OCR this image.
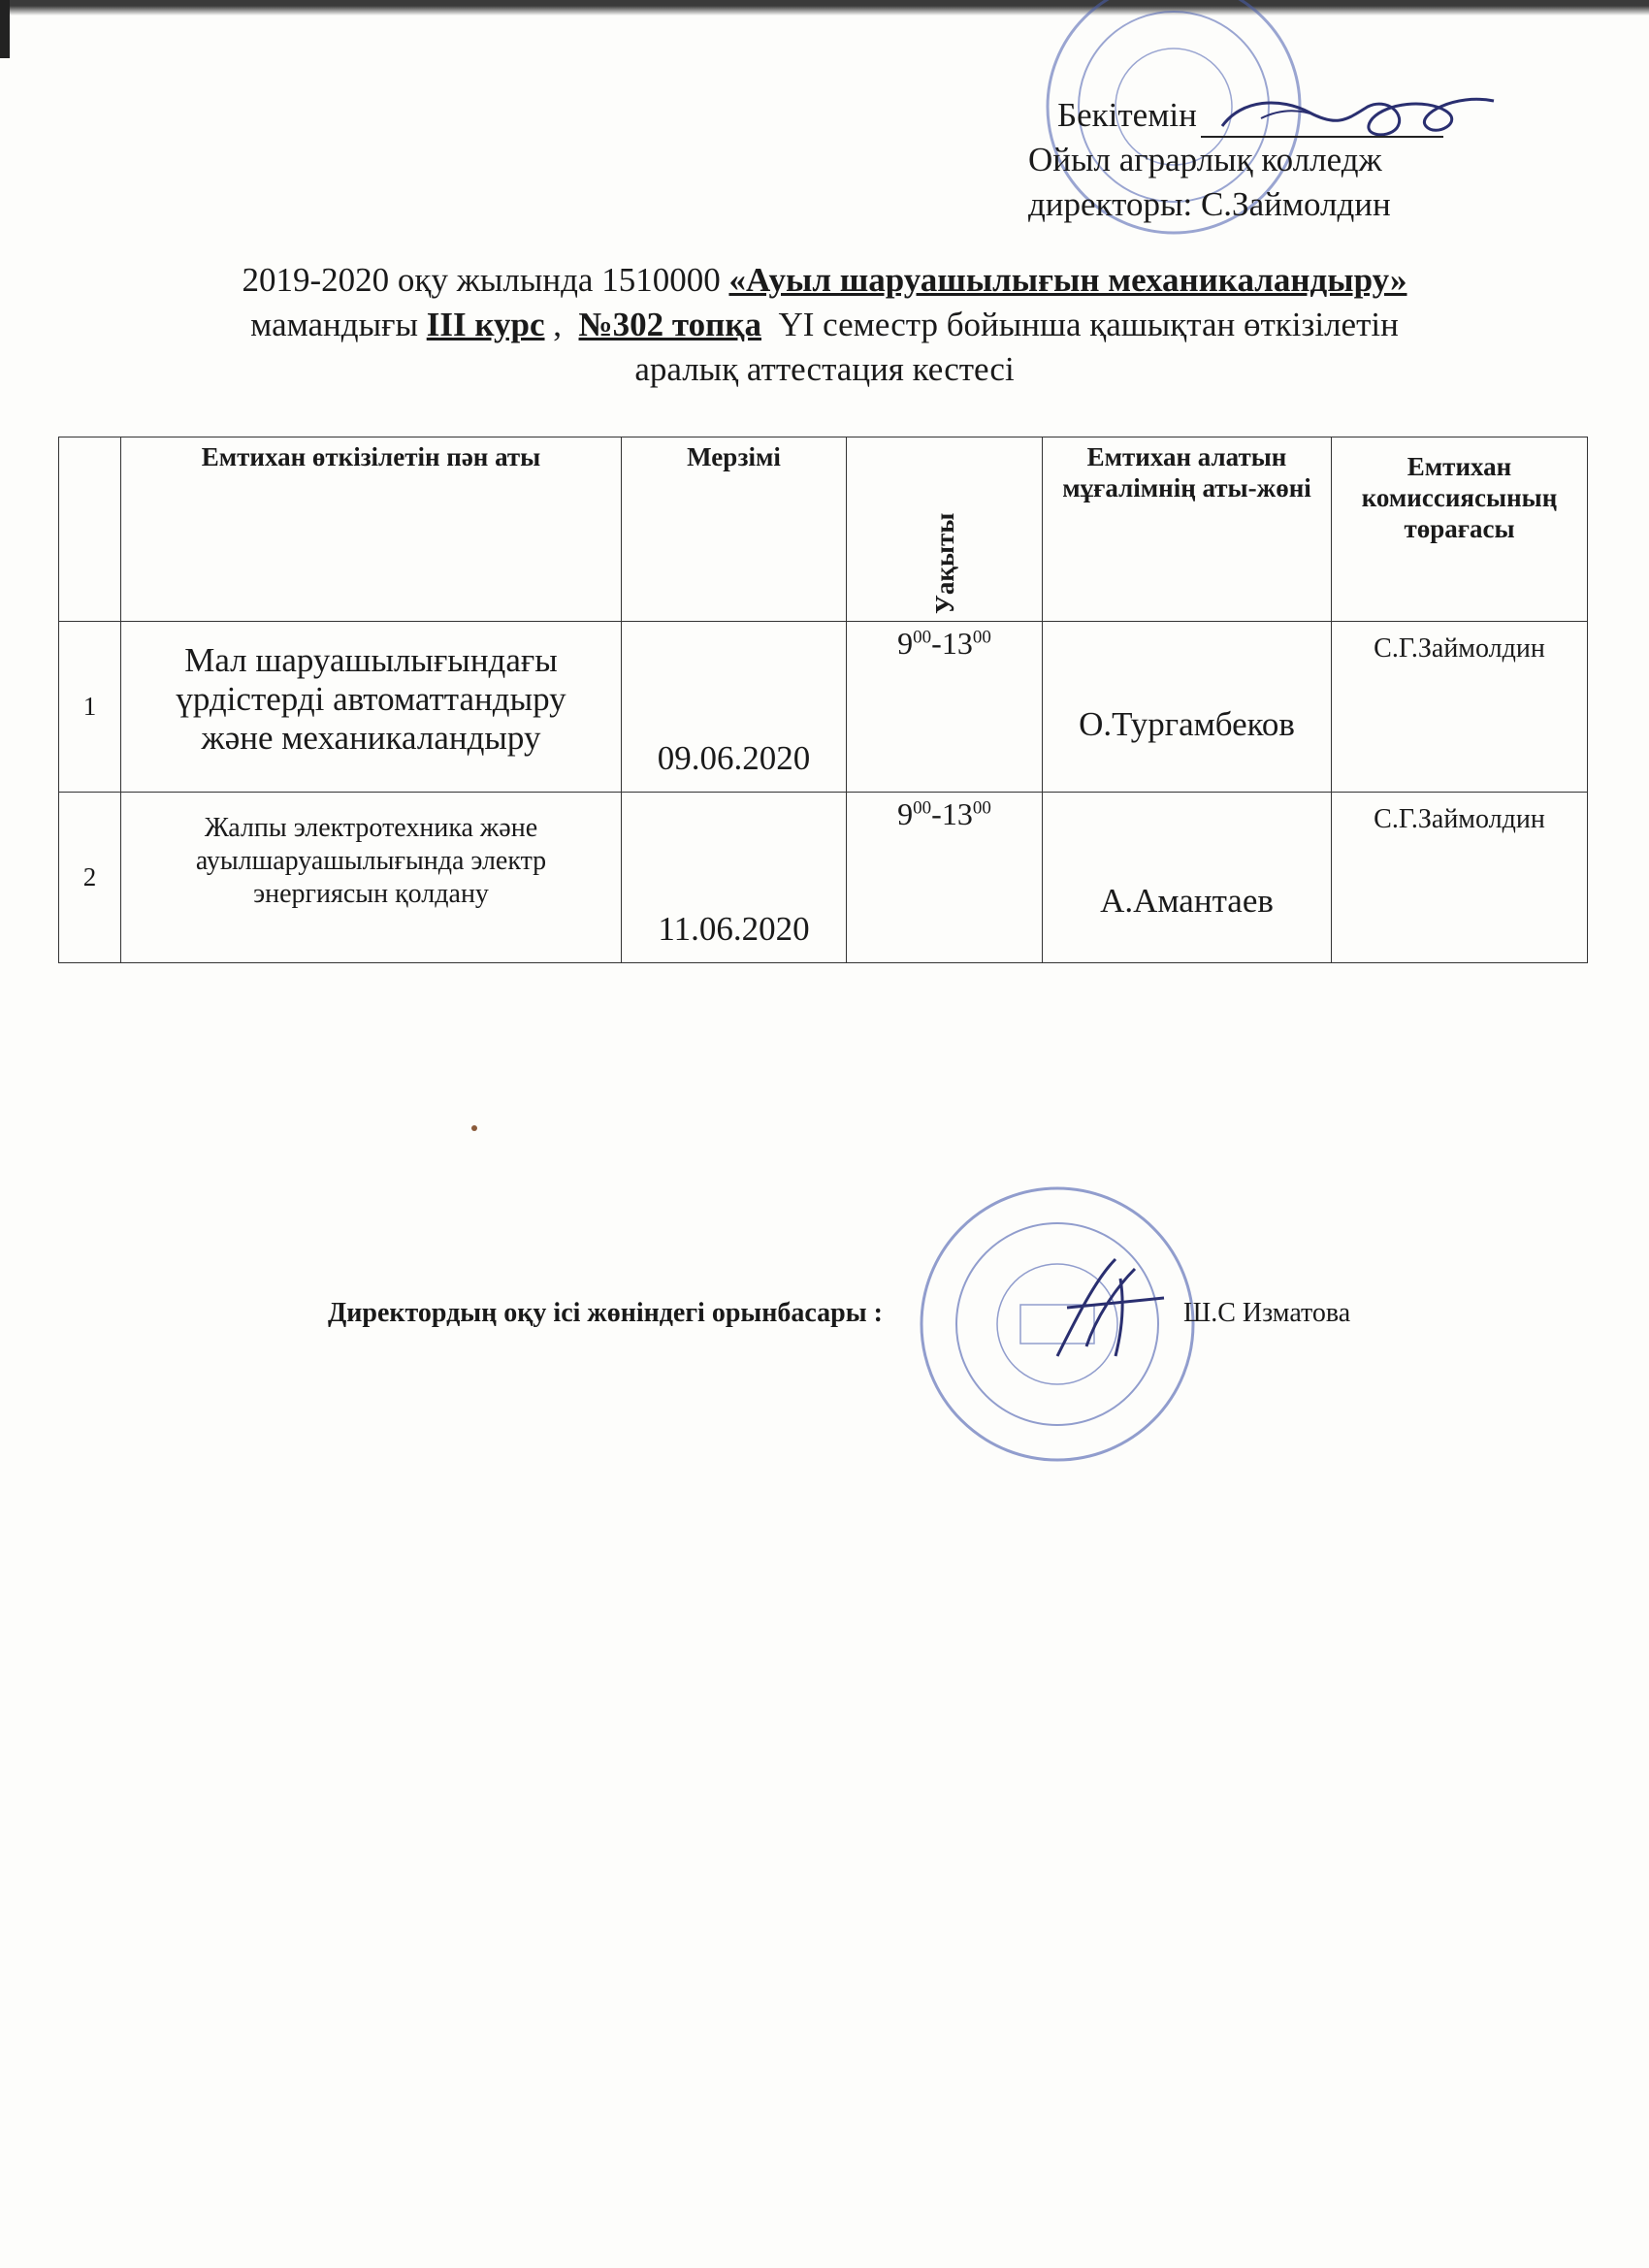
Бекітемін
Ойыл аграрлық колледж
директоры: С.Займолдин
2019-2020 оқу жылында 1510000 «Ауыл шаруашылығын механикаландыру»
мамандығы ІІІ курс ,  №302 топқа  YІ семестр бойынша қашықтан өткізілетін
аралық аттестация кестесі
	Емтихан өткізілетін пән аты	Мерзімі	Уақыты	Емтихан алатын мұғалімнің аты-жөні	Емтихан комиссиясының төрағасы
1	Мал шаруашылығындағы үрдістерді автоматтандыру және механикаландыру	09.06.2020	$9^{00}-13^{00}$	О.Тургамбеков	С.Г.Займолдин
2	Жалпы электротехника және ауылшаруашылығында электр энергиясын қолдану	11.06.2020	$9^{00}-13^{00}$	А.Амантаев	С.Г.Займолдин
Директордың оқу ісі жөніндегі орынбасары :	Ш.С Изматова
